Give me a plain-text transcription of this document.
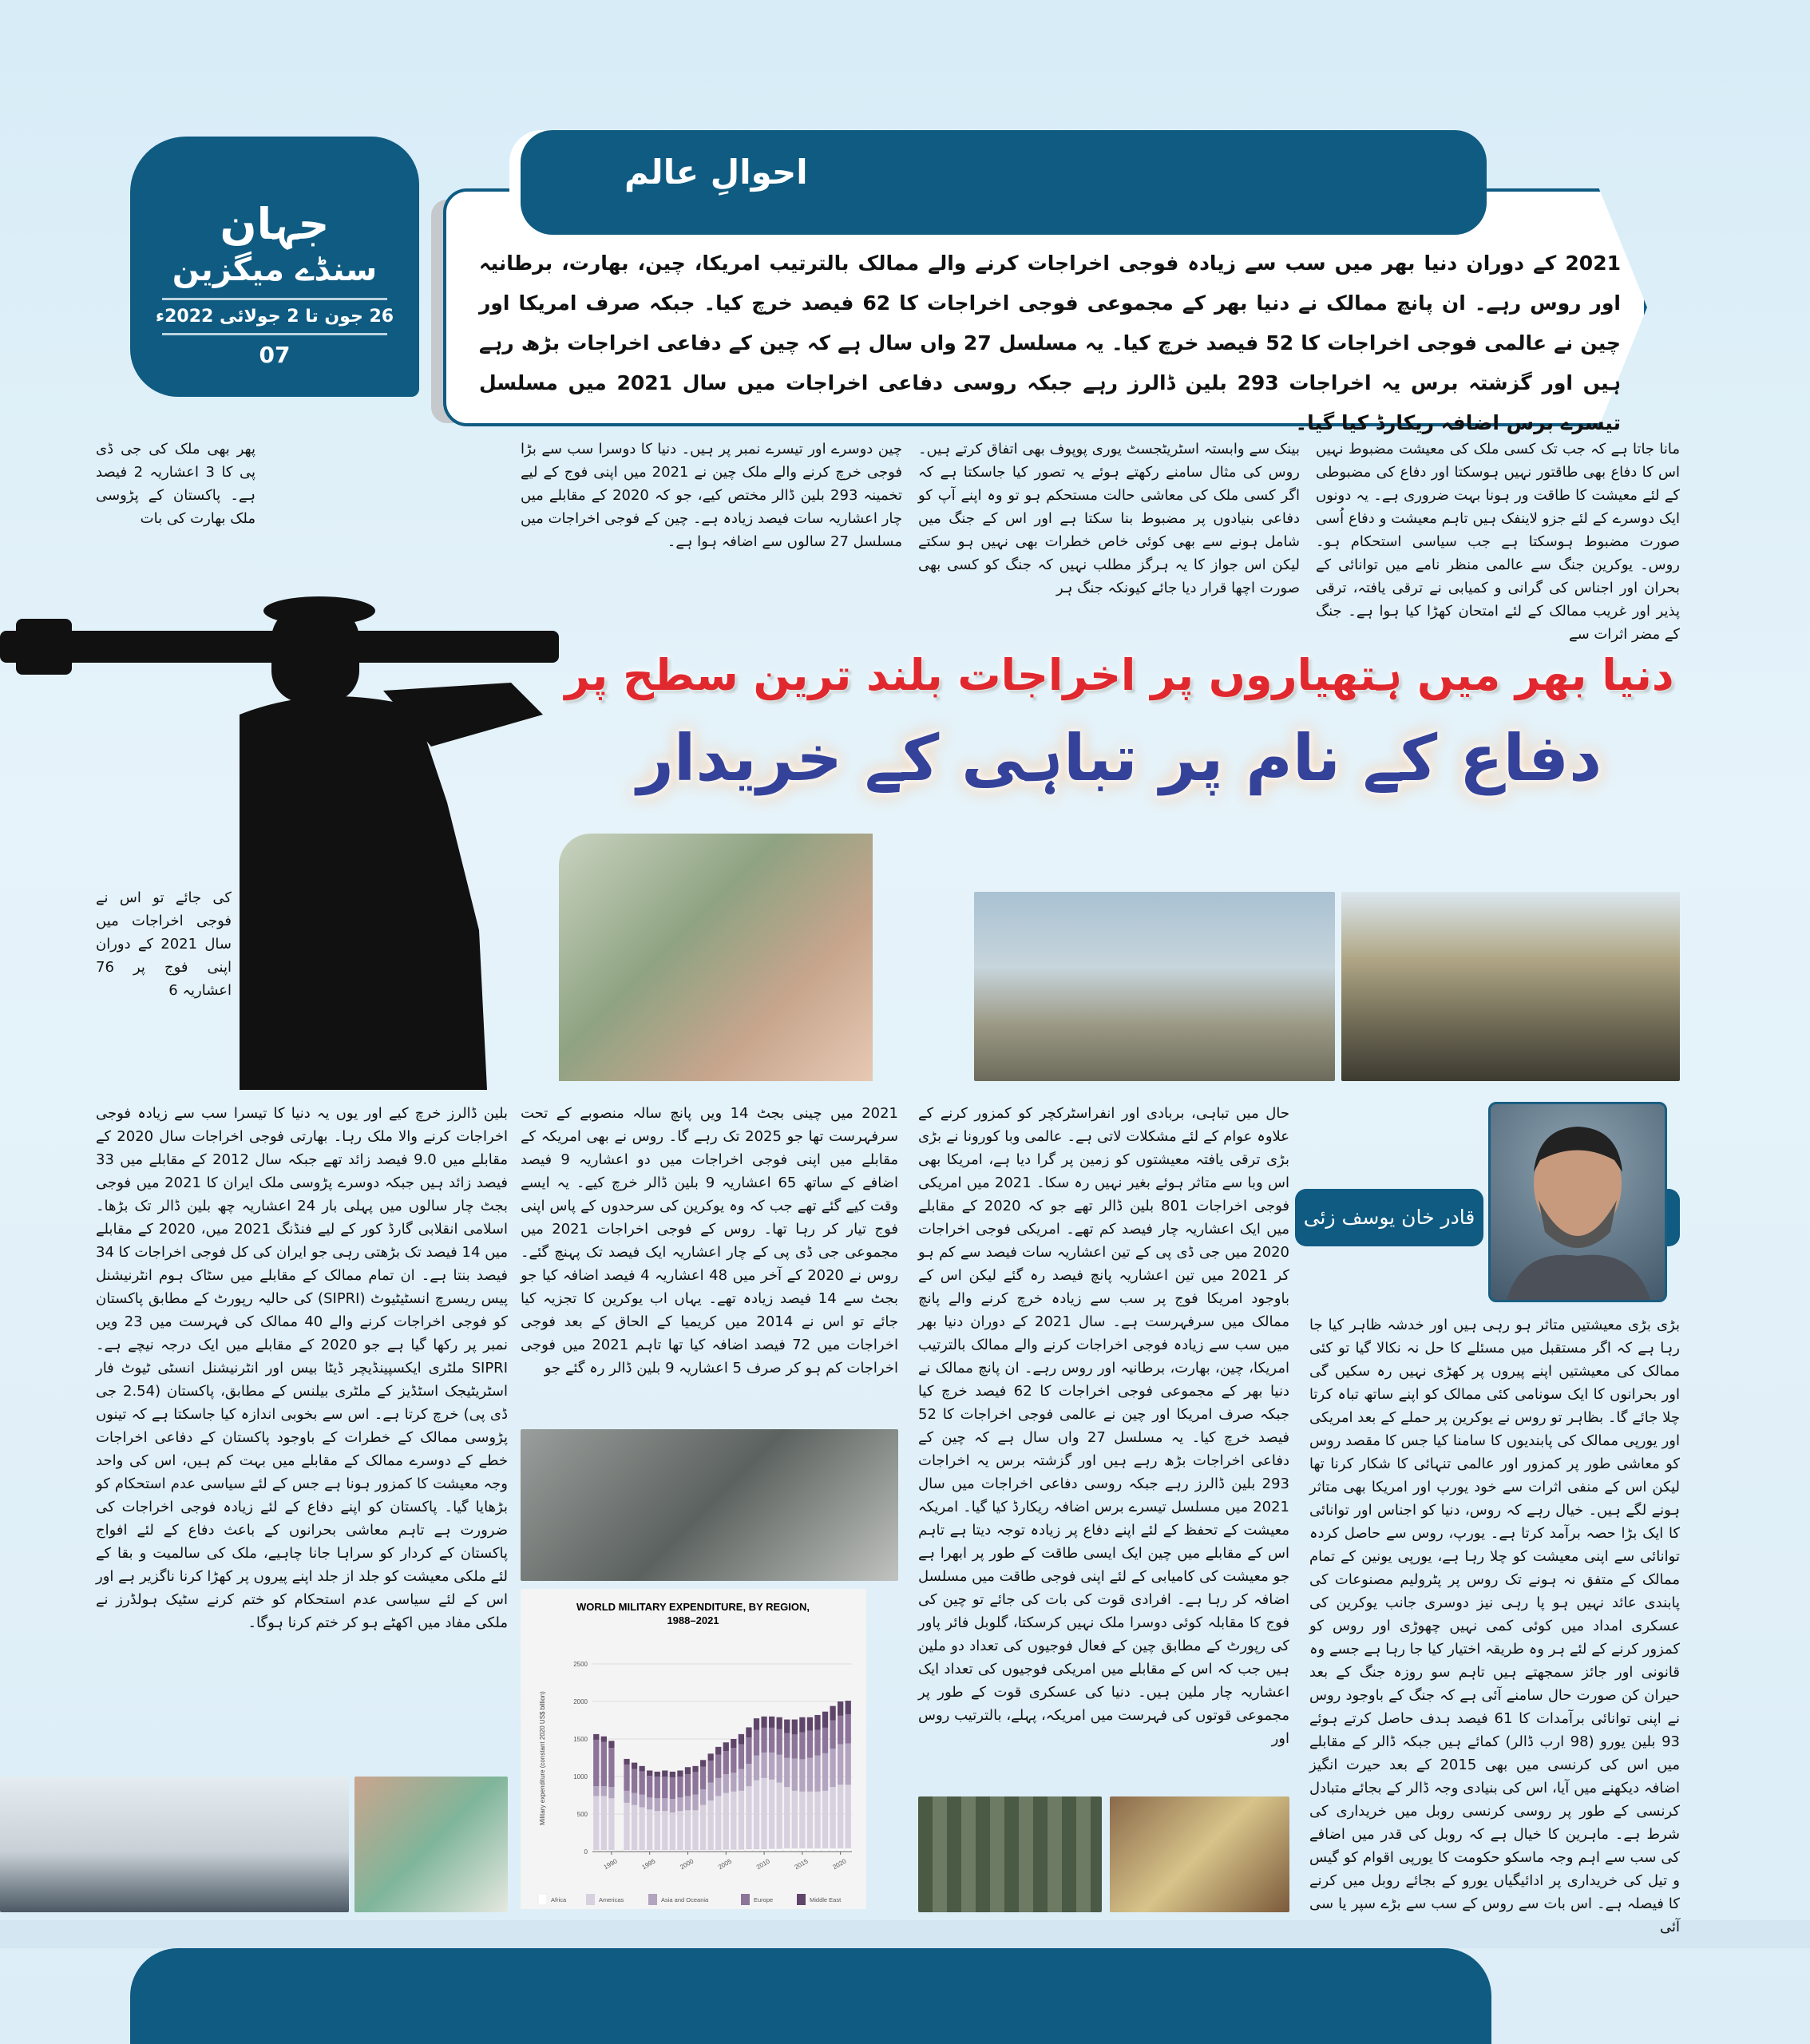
جہان
سنڈے میگزین
26 جون تا 2 جولائی 2022ء
07
احوالِ عالم
2021 کے دوران دنیا بھر میں سب سے زیادہ فوجی اخراجات کرنے والے ممالک بالترتیب امریکا، چین، بھارت، برطانیہ اور روس رہے۔ ان پانچ ممالک نے دنیا بھر کے مجموعی فوجی اخراجات کا 62 فیصد خرچ کیا۔ جبکہ صرف امریکا اور چین نے عالمی فوجی اخراجات کا 52 فیصد خرچ کیا۔ یہ مسلسل 27 واں سال ہے کہ چین کے دفاعی اخراجات بڑھ رہے ہیں اور گزشتہ برس یہ اخراجات 293 بلین ڈالرز رہے جبکہ روسی دفاعی اخراجات میں سال 2021 میں مسلسل تیسرے برس اضافہ ریکارڈ کیا گیا۔
مانا جاتا ہے کہ جب تک کسی ملک کی معیشت مضبوط نہیں اس کا دفاع بھی طاقتور نہیں ہوسکتا اور دفاع کی مضبوطی کے لئے معیشت کا طاقت ور ہونا بہت ضروری ہے۔ یہ دونوں ایک دوسرے کے لئے جزو لاینفک ہیں تاہم معیشت و دفاع اُسی صورت مضبوط ہوسکتا ہے جب سیاسی استحکام ہو۔ روس۔ یوکرین جنگ سے عالمی منظر نامے میں توانائی کے بحران اور اجناس کی گرانی و کمیابی نے ترقی یافتہ، ترقی پذیر اور غریب ممالک کے لئے امتحان کھڑا کیا ہوا ہے۔ جنگ کے مضر اثرات سے
بینک سے وابستہ اسٹریٹجسٹ یوری پوپوف بھی اتفاق کرتے ہیں۔ روس کی مثال سامنے رکھتے ہوئے یہ تصور کیا جاسکتا ہے کہ اگر کسی ملک کی معاشی حالت مستحکم ہو تو وہ اپنے آپ کو دفاعی بنیادوں پر مضبوط بنا سکتا ہے اور اس کے جنگ میں شامل ہونے سے بھی کوئی خاص خطرات بھی نہیں ہو سکتے لیکن اس جواز کا یہ ہرگز مطلب نہیں کہ جنگ کو کسی بھی صورت اچھا قرار دیا جائے کیونکہ جنگ ہر
چین دوسرے اور تیسرے نمبر پر ہیں۔ دنیا کا دوسرا سب سے بڑا فوجی خرچ کرنے والے ملک چین نے 2021 میں اپنی فوج کے لیے تخمینہ 293 بلین ڈالر مختص کیے، جو کہ 2020 کے مقابلے میں چار اعشاریہ سات فیصد زیادہ ہے۔ چین کے فوجی اخراجات میں مسلسل 27 سالوں سے اضافہ ہوا ہے۔
پھر بھی ملک کی جی ڈی پی کا 3 اعشاریہ 2 فیصد ہے۔ پاکستان کے پڑوسی ملک بھارت کی بات
دنیا بھر میں ہتھیاروں پر اخراجات بلند ترین سطح پر
دفاع کے نام پر تباہی کے خریدار
کی جائے تو اس نے فوجی اخراجات میں سال 2021 کے دوران اپنی فوج پر 76 اعشاریہ 6
قادر خان یوسف زئی
بڑی بڑی معیشتیں متاثر ہو رہی ہیں اور خدشہ ظاہر کیا جا رہا ہے کہ اگر مستقبل میں مسئلے کا حل نہ نکالا گیا تو کئی ممالک کی معیشتیں اپنے پیروں پر کھڑی نہیں رہ سکیں گی اور بحرانوں کا ایک سونامی کئی ممالک کو اپنے ساتھ تباہ کرتا چلا جائے گا۔ بظاہر تو روس نے یوکرین پر حملے کے بعد امریکی اور یورپی ممالک کی پابندیوں کا سامنا کیا جس کا مقصد روس کو معاشی طور پر کمزور اور عالمی تنہائی کا شکار کرنا تھا لیکن اس کے منفی اثرات سے خود یورپ اور امریکا بھی متاثر ہونے لگے ہیں۔ خیال رہے کہ روس، دنیا کو اجناس اور توانائی کا ایک بڑا حصہ برآمد کرتا ہے۔ یورپ، روس سے حاصل کردہ توانائی سے اپنی معیشت کو چلا رہا ہے، یورپی یونین کے تمام ممالک کے متفق نہ ہونے تک روس پر پٹرولیم مصنوعات کی پابندی عائد نہیں ہو پا رہی نیز دوسری جانب یوکرین کی عسکری امداد میں کوئی کمی نہیں چھوڑی اور روس کو کمزور کرنے کے لئے ہر وہ طریقہ اختیار کیا جا رہا ہے جسے وہ قانونی اور جائز سمجھتے ہیں تاہم سو روزہ جنگ کے بعد حیران کن صورت حال سامنے آئی ہے کہ جنگ کے باوجود روس نے اپنی توانائی برآمدات کا 61 فیصد ہدف حاصل کرتے ہوئے 93 بلین یورو (98 ارب ڈالر) کمائے ہیں جبکہ ڈالر کے مقابلے میں اس کی کرنسی میں بھی 2015 کے بعد حیرت انگیز اضافہ دیکھنے میں آیا، اس کی بنیادی وجہ ڈالر کے بجائے متبادل کرنسی کے طور پر روسی کرنسی روبل میں خریداری کی شرط ہے۔ ماہرین کا خیال ہے کہ روبل کی قدر میں اضافے کی سب سے اہم وجہ ماسکو حکومت کا یورپی اقوام کو گیس و تیل کی خریداری پر ادائیگیاں یورو کے بجائے روبل میں کرنے کا فیصلہ ہے۔ اس بات سے روس کے سب سے بڑے سپر یا سی آئی
حال میں تباہی، بربادی اور انفراسٹرکچر کو کمزور کرنے کے علاوہ عوام کے لئے مشکلات لاتی ہے۔ عالمی وبا کورونا نے بڑی بڑی ترقی یافتہ معیشتوں کو زمین پر گرا دیا ہے، امریکا بھی اس وبا سے متاثر ہوئے بغیر نہیں رہ سکا۔ 2021 میں امریکی فوجی اخراجات 801 بلین ڈالر تھے جو کہ 2020 کے مقابلے میں ایک اعشاریہ چار فیصد کم تھے۔ امریکی فوجی اخراجات 2020 میں جی ڈی پی کے تین اعشاریہ سات فیصد سے کم ہو کر 2021 میں تین اعشاریہ پانچ فیصد رہ گئے لیکن اس کے باوجود امریکا فوج پر سب سے زیادہ خرچ کرنے والے پانچ ممالک میں سرفہرست ہے۔ سال 2021 کے دوران دنیا بھر میں سب سے زیادہ فوجی اخراجات کرنے والے ممالک بالترتیب امریکا، چین، بھارت، برطانیہ اور روس رہے۔ ان پانچ ممالک نے دنیا بھر کے مجموعی فوجی اخراجات کا 62 فیصد خرچ کیا جبکہ صرف امریکا اور چین نے عالمی فوجی اخراجات کا 52 فیصد خرچ کیا۔ یہ مسلسل 27 واں سال ہے کہ چین کے دفاعی اخراجات بڑھ رہے ہیں اور گزشتہ برس یہ اخراجات 293 بلین ڈالرز رہے جبکہ روسی دفاعی اخراجات میں سال 2021 میں مسلسل تیسرے برس اضافہ ریکارڈ کیا گیا۔ امریکہ معیشت کے تحفظ کے لئے اپنے دفاع پر زیادہ توجہ دیتا ہے تاہم اس کے مقابلے میں چین ایک ایسی طاقت کے طور پر ابھرا ہے جو معیشت کی کامیابی کے لئے اپنی فوجی طاقت میں مسلسل اضافہ کر رہا ہے۔ افرادی قوت کی بات کی جائے تو چین کی فوج کا مقابلہ کوئی دوسرا ملک نہیں کرسکتا، گلوبل فائر پاور کی رپورٹ کے مطابق چین کے فعال فوجیوں کی تعداد دو ملین ہیں جب کہ اس کے مقابلے میں امریکی فوجیوں کی تعداد ایک اعشاریہ چار ملین ہیں۔ دنیا کی عسکری قوت کے طور پر مجموعی قوتوں کی فہرست میں امریکہ، پہلے، بالترتیب روس اور
2021 میں چینی بجٹ 14 ویں پانچ سالہ منصوبے کے تحت سرفہرست تھا جو 2025 تک رہے گا۔ روس نے بھی امریکہ کے مقابلے میں اپنی فوجی اخراجات میں دو اعشاریہ 9 فیصد اضافے کے ساتھ 65 اعشاریہ 9 بلین ڈالر خرچ کیے۔ یہ ایسے وقت کیے گئے تھے جب کہ وہ یوکرین کی سرحدوں کے پاس اپنی فوج تیار کر رہا تھا۔ روس کے فوجی اخراجات 2021 میں مجموعی جی ڈی پی کے چار اعشاریہ ایک فیصد تک پہنچ گئے۔ روس نے 2020 کے آخر میں 48 اعشاریہ 4 فیصد اضافہ کیا جو بجٹ سے 14 فیصد زیادہ تھے۔ یہاں اب یوکرین کا تجزیہ کیا جائے تو اس نے 2014 میں کریمیا کے الحاق کے بعد فوجی اخراجات میں 72 فیصد اضافہ کیا تھا تاہم 2021 میں فوجی اخراجات کم ہو کر صرف 5 اعشاریہ 9 بلین ڈالر رہ گئے جو
بلین ڈالرز خرچ کیے اور یوں یہ دنیا کا تیسرا سب سے زیادہ فوجی اخراجات کرنے والا ملک رہا۔ بھارتی فوجی اخراجات سال 2020 کے مقابلے میں 9.0 فیصد زائد تھے جبکہ سال 2012 کے مقابلے میں 33 فیصد زائد ہیں جبکہ دوسرے پڑوسی ملک ایران کا 2021 میں فوجی بجٹ چار سالوں میں پہلی بار 24 اعشاریہ چھ بلین ڈالر تک بڑھا۔ اسلامی انقلابی گارڈ کور کے لیے فنڈنگ 2021 میں، 2020 کے مقابلے میں 14 فیصد تک بڑھتی رہی جو ایران کی کل فوجی اخراجات کا 34 فیصد بنتا ہے۔ ان تمام ممالک کے مقابلے میں سٹاک ہوم انٹرنیشنل پیس ریسرچ انسٹیٹیوٹ (SIPRI) کی حالیہ رپورٹ کے مطابق پاکستان کو فوجی اخراجات کرنے والے 40 ممالک کی فہرست میں 23 ویں نمبر پر رکھا گیا ہے جو 2020 کے مقابلے میں ایک درجہ نیچے ہے۔ SIPRI ملٹری ایکسپینڈیچر ڈیٹا بیس اور انٹرنیشنل انسٹی ٹیوٹ فار اسٹریٹیجک اسٹڈیز کے ملٹری بیلنس کے مطابق، پاکستان (2.54 جی ڈی پی) خرچ کرتا ہے۔ اس سے بخوبی اندازہ کیا جاسکتا ہے کہ تینوں پڑوسی ممالک کے خطرات کے باوجود پاکستان کے دفاعی اخراجات خطے کے دوسرے ممالک کے مقابلے میں بہت کم ہیں، اس کی واحد وجہ معیشت کا کمزور ہونا ہے جس کے لئے سیاسی عدم استحکام کو بڑھایا گیا۔ پاکستان کو اپنے دفاع کے لئے زیادہ فوجی اخراجات کی ضرورت ہے تاہم معاشی بحرانوں کے باعث دفاع کے لئے افواج پاکستان کے کردار کو سراہا جانا چاہیے، ملک کی سالمیت و بقا کے لئے ملکی معیشت کو جلد از جلد اپنے پیروں پر کھڑا کرنا ناگزیر ہے اور اس کے لئے سیاسی عدم استحکام کو ختم کرنے سٹیک ہولڈرز نے ملکی مفاد میں اکھٹے ہو کر ختم کرنا ہوگا۔
WORLD MILITARY EXPENDITURE, BY REGION,
1988–2021
Military expenditure (constant 2020 US$ billion)
0
500
1000
1500
2000
2500
1990	1995	2000	2005	2010	2015	2020
Africa	Americas	Asia and Oceania	Europe	Middle East
